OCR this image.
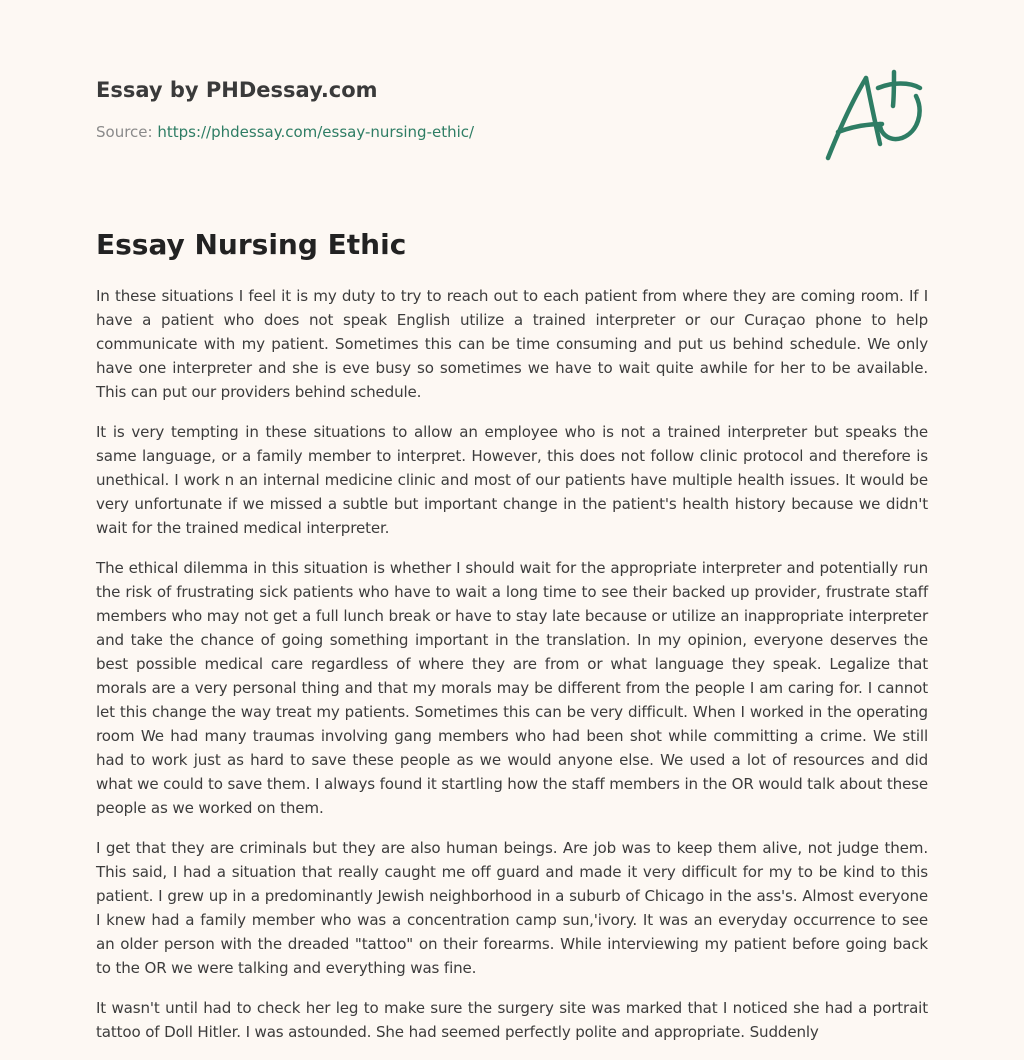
Essay by PHDessay.com
Source: https://phdessay.com/essay-nursing-ethic/
Essay Nursing Ethic

In these situations I feel it is my duty to try to reach out to each patient from where they are coming room. If I have a patient who does not speak English utilize a trained interpreter or our Curaçao phone to help communicate with my patient. Sometimes this can be time consuming and put us behind schedule. We only have one interpreter and she is eve busy so sometimes we have to wait quite awhile for her to be available. This can put our providers behind schedule.

It is very tempting in these situations to allow an employee who is not a trained interpreter but speaks the same language, or a family member to interpret. However, this does not follow clinic protocol and therefore is unethical. I work n an internal medicine clinic and most of our patients have multiple health issues. It would be very unfortunate if we missed a subtle but important change in the patient's health history because we didn't wait for the trained medical interpreter.

The ethical dilemma in this situation is whether I should wait for the appropriate interpreter and potentially run the risk of frustrating sick patients who have to wait a long time to see their backed up provider, frustrate staff members who may not get a full lunch break or have to stay late because or utilize an inappropriate interpreter and take the chance of going something important in the translation. In my opinion, everyone deserves the best possible medical care regardless of where they are from or what language they speak. Legalize that morals are a very personal thing and that my morals may be different from the people I am caring for. I cannot let this change the way treat my patients. Sometimes this can be very difficult. When I worked in the operating room We had many traumas involving gang members who had been shot while committing a crime. We still had to work just as hard to save these people as we would anyone else. We used a lot of resources and did what we could to save them. I always found it startling how the staff members in the OR would talk about these people as we worked on them.

I get that they are criminals but they are also human beings. Are job was to keep them alive, not judge them. This said, I had a situation that really caught me off guard and made it very difficult for my to be kind to this patient. I grew up in a predominantly Jewish neighborhood in a suburb of Chicago in the ass's. Almost everyone I knew had a family member who was a concentration camp sun,'ivory. It was an everyday occurrence to see an older person with the dreaded "tattoo" on their forearms. While interviewing my patient before going back to the OR we were talking and everything was fine.

It wasn't until had to check her leg to make sure the surgery site was marked that I noticed she had a portrait tattoo of Doll Hitler. I was astounded. She had seemed perfectly polite and appropriate. Suddenly
